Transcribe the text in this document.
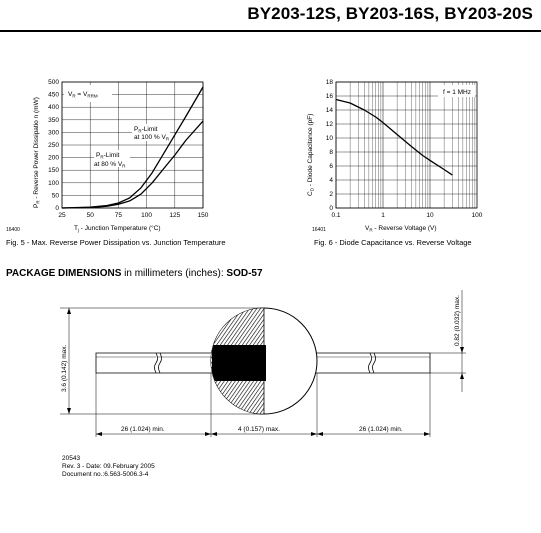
BY203-12S, BY203-16S, BY203-20S
25	50	75	100	125	150
0
50
100
150
200
250
300
350
400
450
500
$V_R = V_{RRM}$
$P_R$-Limit
at 100 % $V_R$
$P_R$-Limit
at 80 % $V_R$
$P_R$ - Reverse Power Dissipatio n (mW)
$T_j$ - Junction Temperature (°C)
16400
Fig. 5 - Max. Reverse Power Dissipation vs. Junction Temperature
0.1	1	10	100
0
2
4
6
8
10
12
14
16
18
f = 1 MHz
$C_D$ - Diode Capacitance (pF)
$V_R$ - Reverse Voltage (V)
16401
Fig. 6 - Diode Capacitance vs. Reverse Voltage
26 (1.024) min.	4 (0.157) max.	26 (1.024) min.
3.6 (0.142) max.
0.82 (0.032) max.
PACKAGE DIMENSIONS in millimeters (inches): SOD-57
20543
Rev. 3 - Date: 09.February 2005
Document no.:6.563-5006.3-4
